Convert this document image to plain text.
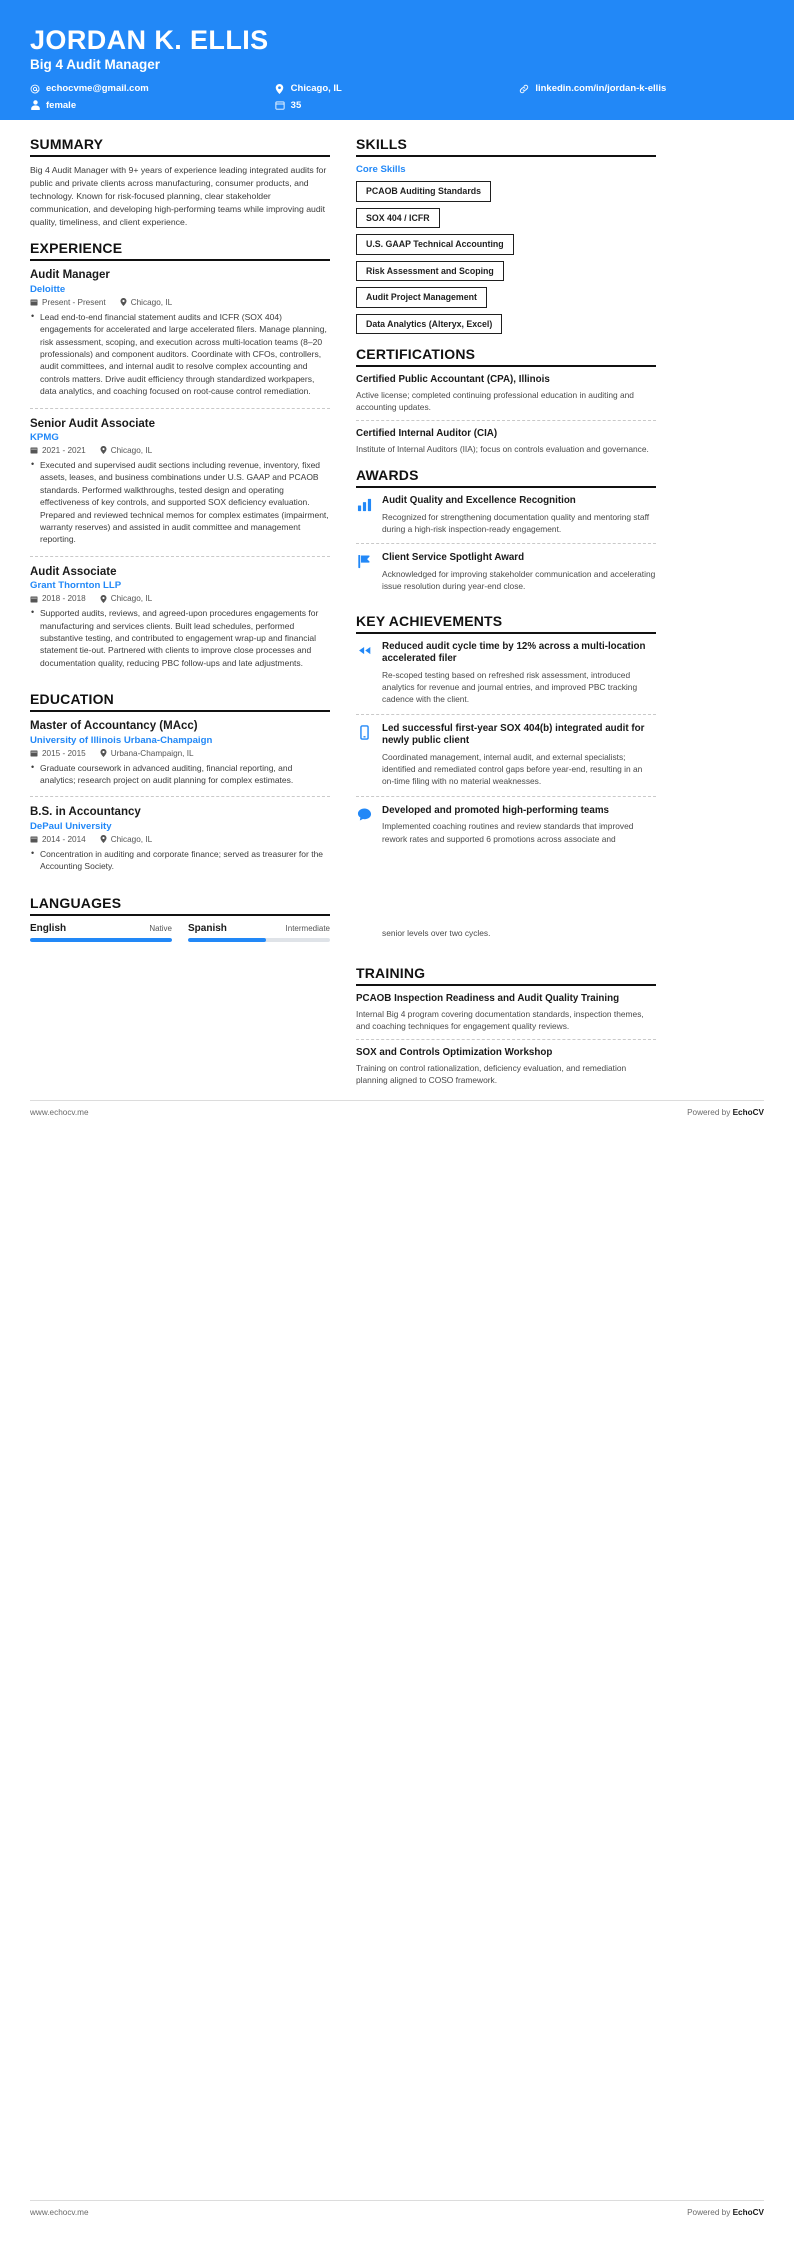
JORDAN K. ELLIS
Big 4 Audit Manager
echocvme@gmail.com	Chicago, IL	linkedin.com/in/jordan-k-ellis
female	35
SUMMARY
Big 4 Audit Manager with 9+ years of experience leading integrated audits for public and private clients across manufacturing, consumer products, and technology. Known for risk-focused planning, clear stakeholder communication, and developing high-performing teams while improving audit quality, timeliness, and client experience.
EXPERIENCE
Audit Manager
Deloitte
Present - Present	Chicago, IL
• Lead end-to-end financial statement audits and ICFR (SOX 404) engagements for accelerated and large accelerated filers. Manage planning, risk assessment, scoping, and execution across multi-location teams (8–20 professionals) and component auditors. Coordinate with CFOs, controllers, audit committees, and internal audit to resolve complex accounting and controls matters. Drive audit efficiency through standardized workpapers, data analytics, and coaching focused on root-cause control remediation.
Senior Audit Associate
KPMG
2021 - 2021	Chicago, IL
• Executed and supervised audit sections including revenue, inventory, fixed assets, leases, and business combinations under U.S. GAAP and PCAOB standards. Performed walkthroughs, tested design and operating effectiveness of key controls, and supported SOX deficiency evaluation. Prepared and reviewed technical memos for complex estimates (impairment, warranty reserves) and assisted in audit committee and management reporting.
Audit Associate
Grant Thornton LLP
2018 - 2018	Chicago, IL
• Supported audits, reviews, and agreed-upon procedures engagements for manufacturing and services clients. Built lead schedules, performed substantive testing, and contributed to engagement wrap-up and financial statement tie-out. Partnered with clients to improve close processes and documentation quality, reducing PBC follow-ups and late adjustments.
EDUCATION
Master of Accountancy (MAcc)
University of Illinois Urbana-Champaign
2015 - 2015	Urbana-Champaign, IL
• Graduate coursework in advanced auditing, financial reporting, and analytics; research project on audit planning for complex estimates.
B.S. in Accountancy
DePaul University
2014 - 2014	Chicago, IL
• Concentration in auditing and corporate finance; served as treasurer for the Accounting Society.
LANGUAGES
English	Native Spanish	Intermediate
SKILLS
Core Skills
PCAOB Auditing Standards
SOX 404 / ICFR
U.S. GAAP Technical Accounting
Risk Assessment and Scoping
Audit Project Management
Data Analytics (Alteryx, Excel)
CERTIFICATIONS
Certified Public Accountant (CPA), Illinois
Active license; completed continuing professional education in auditing and accounting updates.
Certified Internal Auditor (CIA)
Institute of Internal Auditors (IIA); focus on controls evaluation and governance.
AWARDS
Audit Quality and Excellence Recognition
Recognized for strengthening documentation quality and mentoring staff during a high-risk inspection-ready engagement.
Client Service Spotlight Award
Acknowledged for improving stakeholder communication and accelerating issue resolution during year-end close.
KEY ACHIEVEMENTS
Reduced audit cycle time by 12% across a multi-location accelerated filer
Re-scoped testing based on refreshed risk assessment, introduced analytics for revenue and journal entries, and improved PBC tracking cadence with the client.
Led successful first-year SOX 404(b) integrated audit for newly public client
Coordinated management, internal audit, and external specialists; identified and remediated control gaps before year-end, resulting in an on-time filing with no material weaknesses.
Developed and promoted high-performing teams
Implemented coaching routines and review standards that improved rework rates and supported 6 promotions across associate and
senior levels over two cycles.
TRAINING
PCAOB Inspection Readiness and Audit Quality Training
Internal Big 4 program covering documentation standards, inspection themes, and coaching techniques for engagement quality reviews.
SOX and Controls Optimization Workshop
Training on control rationalization, deficiency evaluation, and remediation planning aligned to COSO framework.
www.echocv.me	Powered by EchoCV
www.echocv.me	Powered by EchoCV
